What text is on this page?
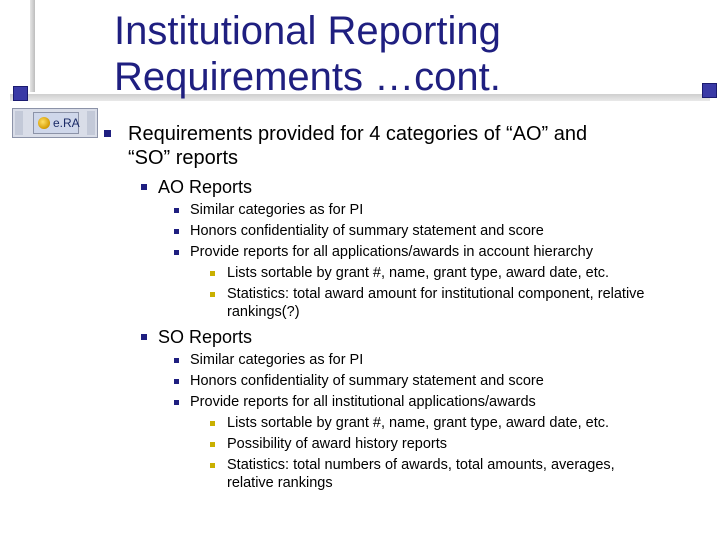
e.RA
Institutional Reporting
Requirements …cont.
Requirements provided for 4 categories of “AO” and
“SO” reports
AO Reports
Similar categories as for PI
Honors confidentiality of summary statement and score
Provide reports for all applications/awards in account hierarchy
Lists sortable by grant #, name, grant type, award date, etc.
Statistics: total award amount for institutional component, relative
rankings(?)
SO Reports
Similar categories as for PI
Honors confidentiality of summary statement and score
Provide reports for all institutional applications/awards
Lists sortable by grant #, name, grant type, award date, etc.
Possibility of award history reports
Statistics: total numbers of awards, total amounts, averages,
relative rankings
